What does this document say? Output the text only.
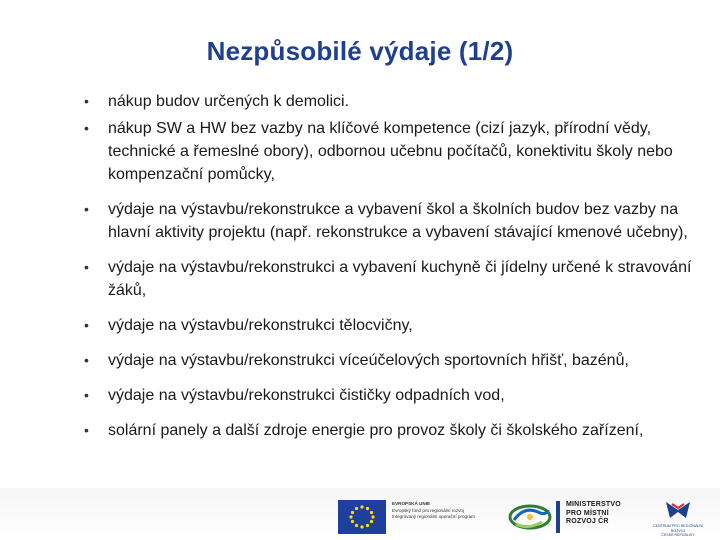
Nezpůsobilé výdaje (1/2)
• nákup budov určených k demolici.
• nákup SW a HW bez vazby na klíčové kompetence (cizí jazyk, přírodní vědy, technické a řemeslné obory), odbornou učebnu počítačů, konektivitu školy nebo kompenzační pomůcky,
• výdaje na výstavbu/rekonstrukce a vybavení škol a školních budov bez vazby na hlavní aktivity projektu (např. rekonstrukce a vybavení stávající kmenové učebny),
• výdaje na výstavbu/rekonstrukci a vybavení kuchyně či jídelny určené k stravování žáků,
• výdaje na výstavbu/rekonstrukci tělocvičny,
• výdaje na výstavbu/rekonstrukci víceúčelových sportovních hřišť, bazénů,
• výdaje na výstavbu/rekonstrukci čističky odpadních vod,
• solární panely a další zdroje energie pro provoz školy či školského zařízení,
EVROPSKÁ UNIE
Evropský fond pro regionální rozvoj
Integrovaný regionální operační program
MINISTERSTVO
PRO MÍSTNÍ
ROZVOJ ČR
CENTRUM PRO REGIONÁLNÍ ROZVOJ
ČESKÉ REPUBLIKY
